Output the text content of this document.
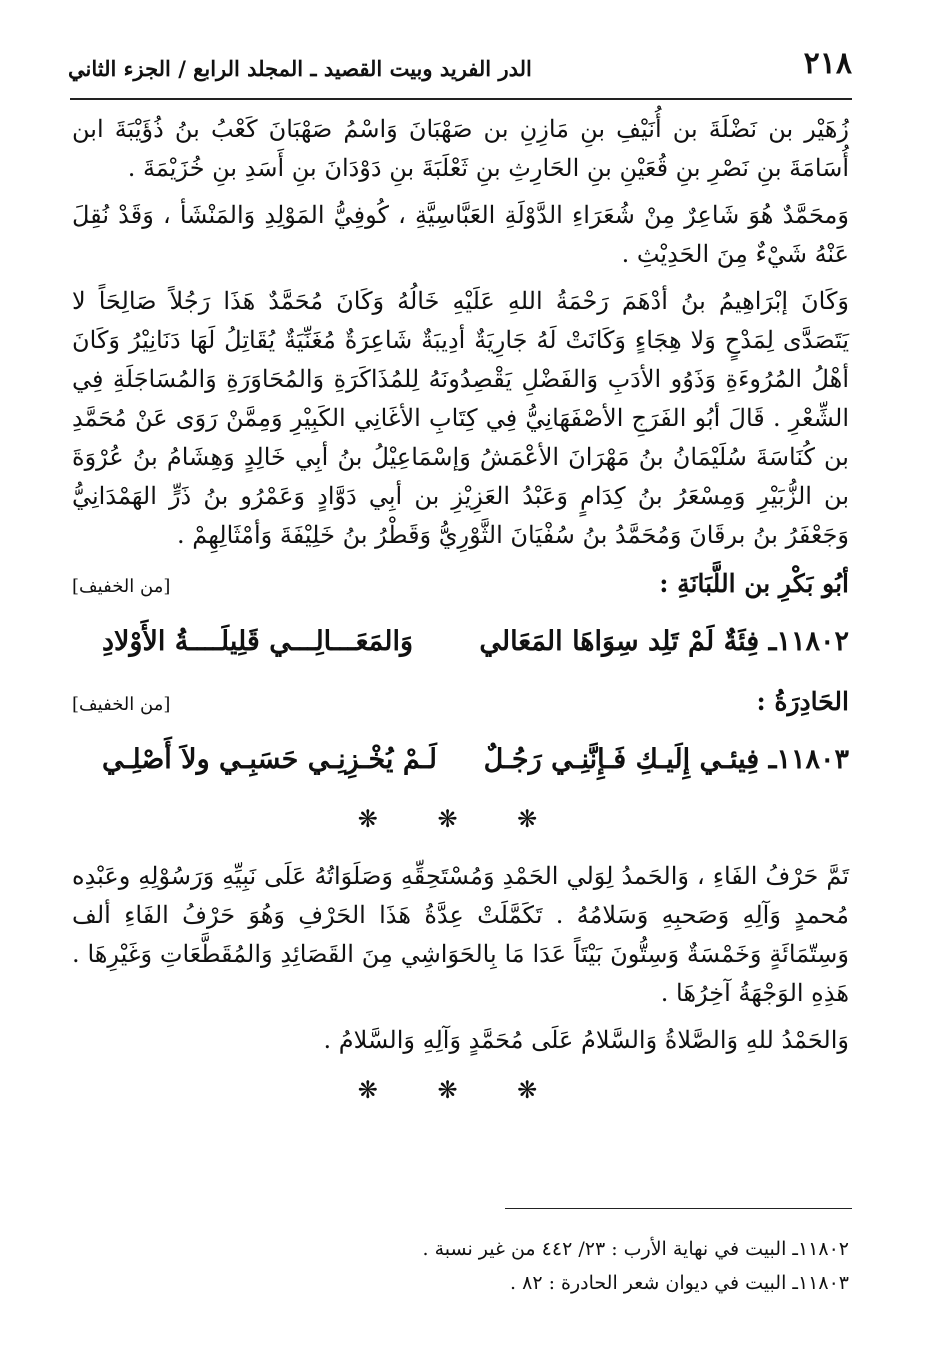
٢١٨
الدر الفريد وبيت القصيد ـ المجلد الرابع / الجزء الثاني

زُهَيْر بن نَضْلَةَ بن أُنَيْفِ بنِ مَازِنِ بن صَهْبَانَ وَاسْمُ صَهْبَانَ كَعْبُ بنُ ذُؤَيْبَةَ ابن أُسَامَةَ بنِ نَصْرِ بنِ قُعَيْنِ بنِ الحَارِثِ بنِ ثَعْلَبَةَ بنِ دَوْدَانَ بنِ أَسَدِ بنِ خُزَيْمَةَ .

وَمحَمَّدٌ هُوَ شَاعِرٌ مِنْ شُعَرَاءِ الدَّوْلَةِ العَبَّاسِيَّةِ ، كُوفِيُّ المَوْلِدِ وَالمَنْشَأ ، وَقَدْ نُقِلَ عَنْهُ شَيْءٌ مِنَ الحَدِيْثِ .

وَكَانَ إبْرَاهِيمُ بنُ أدْهَمَ رَحْمَةُ اللهِ عَلَيْهِ خَالُهُ وَكَانَ مُحَمَّدٌ هَذَا رَجُلاً صَالِحَاً لا يَتَصَدَّى لِمَدْحٍ وَلا هِجَاءٍ وَكَانَتْ لَهُ جَارِيَةٌ أدِيبَةٌ شَاعِرَةٌ مُغَنِّيَةٌ يُقَاتِلُ لَهَا دَنَانِيْرُ وَكَانَ أهْلُ المُرُوءَةِ وَذَوُو الأدَبِ وَالفَضْلِ يَقْصِدُونَهُ لِلمُذَاكَرَةِ وَالمُحَاوَرَةِ وَالمُسَاجَلَةِ فِي الشِّعْرِ . قَالَ أبُو الفَرَجِ الأصْفَهَانِيُّ فِي كِتَابِ الأغَانِي الكَبِيْرِ وَمِمَّنْ رَوَى عَنْ مُحَمَّدِ بن كُنَاسَةَ سُلَيْمَانُ بنُ مَهْرَانَ الأعْمَشُ وَإسْمَاعِيْلُ بنُ أبِي خَالِدٍ وَهِشَامُ بنُ عُرْوَةَ بن الزُّبَيْرِ وَمِسْعَرُ بنُ كِدَامٍ وَعَبْدُ العَزِيْزِ بن أبِي دَوَّادٍ وَعَمْرُو بنُ ذَرٍّ الهَمْدَانِيُّ وَجَعْفَرُ بنُ برقَانَ وَمُحَمَّدُ بنُ سُفْيَانَ الثَّوْرِيُّ وَقَطْرُ بنُ خَلِيْفَةَ وَأمْثَالِهِمْ .

أبُو بَكْرِ بن اللَّبَانَةِ :
[من الخفيف]
١١٨٠٢ـ فِئَةٌ لَمْ تَلِد سِوَاهَا المَعَالي
وَالمَعَـــالِـــي قَلِيلَــــةُ الأَوْلادِ
الحَادِرَةُ :
[من الخفيف]
١١٨٠٣ـ فِيئـي إِلَيـكِ فَـإِنَّنِـي رَجُـلٌ
لَـمْ يُخْـزِنِـي حَسَبِـي ولاَ أَصْلِـي
❋ ❋ ❋

تَمَّ حَرْفُ الفَاءِ ، وَالحَمدُ لِوَلي الحَمْدِ وَمُسْتَحِقِّهِ وَصَلَوَاتُهُ عَلَى نَبِيِّهِ وَرَسُوْلِهِ وعَبْدِه مُحمدٍ وَآلِهِ وَصَحبِهِ وَسَلامُهُ . تَكَمَّلَتْ عِدَّةُ هَذَا الحَرْفِ وَهُوَ حَرْفُ الفَاءِ ألف وَسِتّمَائَةٍ وَخَمْسَةٌ وَسِتُّونَ بَيْتَاً عَدَا مَا بِالحَوَاشِي مِنَ القَصَائِدِ وَالمُقَطَّعَاتِ وَغَيْرِهَا . هَذِهِ الوَجْهَةُ آخِرُهَا .

وَالحَمْدُ للهِ وَالصَّلاةُ وَالسَّلامُ عَلَى مُحَمَّدٍ وَآلِهِ وَالسَّلامُ .

❋ ❋ ❋

١١٨٠٢ـ البيت في نهاية الأرب : ٢٣/ ٤٤٢ من غير نسبة .

١١٨٠٣ـ البيت في ديوان شعر الحادرة : ٨٢ .
